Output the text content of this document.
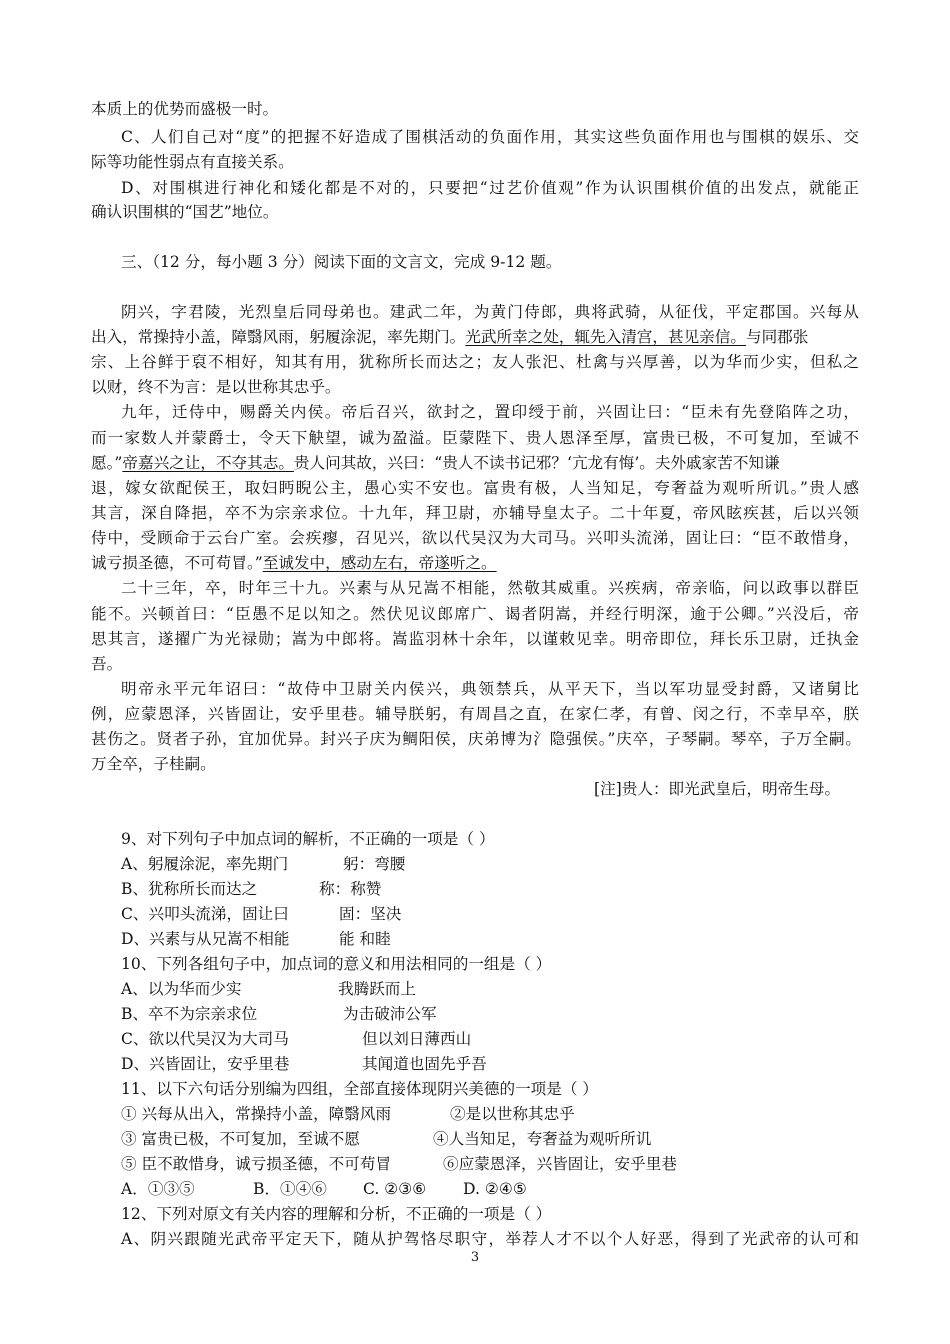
本质上的优势而盛极一时。
C、人们自己对“度”的把握不好造成了围棋活动的负面作用，其实这些负面作用也与围棋的娱乐、交
际等功能性弱点有直接关系。
D、对围棋进行神化和矮化都是不对的，只要把“过艺价值观”作为认识围棋价值的出发点，就能正
确认识围棋的“国艺”地位。
三、（12 分，每小题 3 分）阅读下面的文言文，完成 9-12 题。
阴兴，字君陵，光烈皇后同母弟也。建武二年，为黄门侍郎，典将武骑，从征伐，平定郡国。兴每从
出入，常操持小盖，障翳风雨，躬履涂泥，率先期门。光武所幸之处，辄先入清宫，甚见亲信。与同郡张
宗、上谷鲜于裒不相好，知其有用，犹称所长而达之；友人张汜、杜禽与兴厚善，以为华而少实，但私之
以财，终不为言：是以世称其忠乎。
九年，迁侍中，赐爵关内侯。帝后召兴，欲封之，置印绶于前，兴固让曰：“臣未有先登陷阵之功，
而一家数人并蒙爵士，令天下觖望，诚为盈溢。臣蒙陛下、贵人恩泽至厚，富贵已极，不可复加，至诚不
愿。”帝嘉兴之让，不夺其志。贵人问其故，兴曰：“贵人不读书记邪？‘亢龙有悔’。夫外戚家苦不知谦
退，嫁女欲配侯王，取妇眄睨公主，愚心实不安也。富贵有极，人当知足，夸奢益为观听所讥。”贵人感
其言，深自降挹，卒不为宗亲求位。十九年，拜卫尉，亦辅导皇太子。二十年夏，帝风眩疾甚，后以兴领
侍中，受顾命于云台广室。会疾瘳，召见兴，欲以代吴汉为大司马。兴叩头流涕，固让曰：“臣不敢惜身，
诚亏损圣德，不可苟冒。”至诚发中，感动左右，帝遂听之。
二十三年，卒，时年三十九。兴素与从兄嵩不相能，然敬其威重。兴疾病，帝亲临，问以政事以群臣
能不。兴顿首曰：“臣愚不足以知之。然伏见议郎席广、谒者阴嵩，并经行明深，逾于公卿。”兴没后，帝
思其言，遂擢广为光禄勋；嵩为中郎将。嵩监羽林十余年，以谨敕见幸。明帝即位，拜长乐卫尉，迁执金
吾。
明帝永平元年诏曰：“故侍中卫尉关内侯兴，典领禁兵，从平天下，当以军功显受封爵，又诸舅比
例，应蒙恩泽，兴皆固让，安乎里巷。辅导朕躬，有周昌之直，在家仁孝，有曾、闵之行，不幸早卒，朕
甚伤之。贤者子孙，宜加优异。封兴子庆为鲷阳侯，庆弟博为氵隐强侯。”庆卒，子琴嗣。琴卒，子万全嗣。
万全卒，子桂嗣。
[注]贵人：即光武皇后，明帝生母。
9、对下列句子中加点词的解析，不正确的一项是（ ）
A、躬履涂泥，率先期门	躬：弯腰
B、犹称所长而达之	称：称赞
C、兴叩头流涕，固让曰	固：坚决
D、兴素与从兄嵩不相能	能 和睦
10、下列各组句子中，加点词的意义和用法相同的一组是（ ）
A、以为华而少实	我腾跃而上
B、卒不为宗亲求位	为击破沛公军
C、欲以代吴汉为大司马	但以刘日薄西山
D、兴皆固让，安乎里巷	其闻道也固先乎吾
11、以下六句话分别编为四组，全部直接体现阴兴美德的一项是（ ）
① 兴每从出入，常操持小盖，障翳风雨	②是以世称其忠乎
③ 富贵已极，不可复加，至诚不愿	④人当知足，夸奢益为观听所讥
⑤ 臣不敢惜身，诚亏损圣德，不可苟冒	⑥应蒙恩泽，兴皆固让，安乎里巷
A．①③⑤	B．①④⑥ C. ②③⑥ D. ②④⑤
12、下列对原文有关内容的理解和分析，不正确的一项是（ ）
A、阴兴跟随光武帝平定天下，随从护驾恪尽职守，举荐人才不以个人好恶，得到了光武帝的认可和
3
